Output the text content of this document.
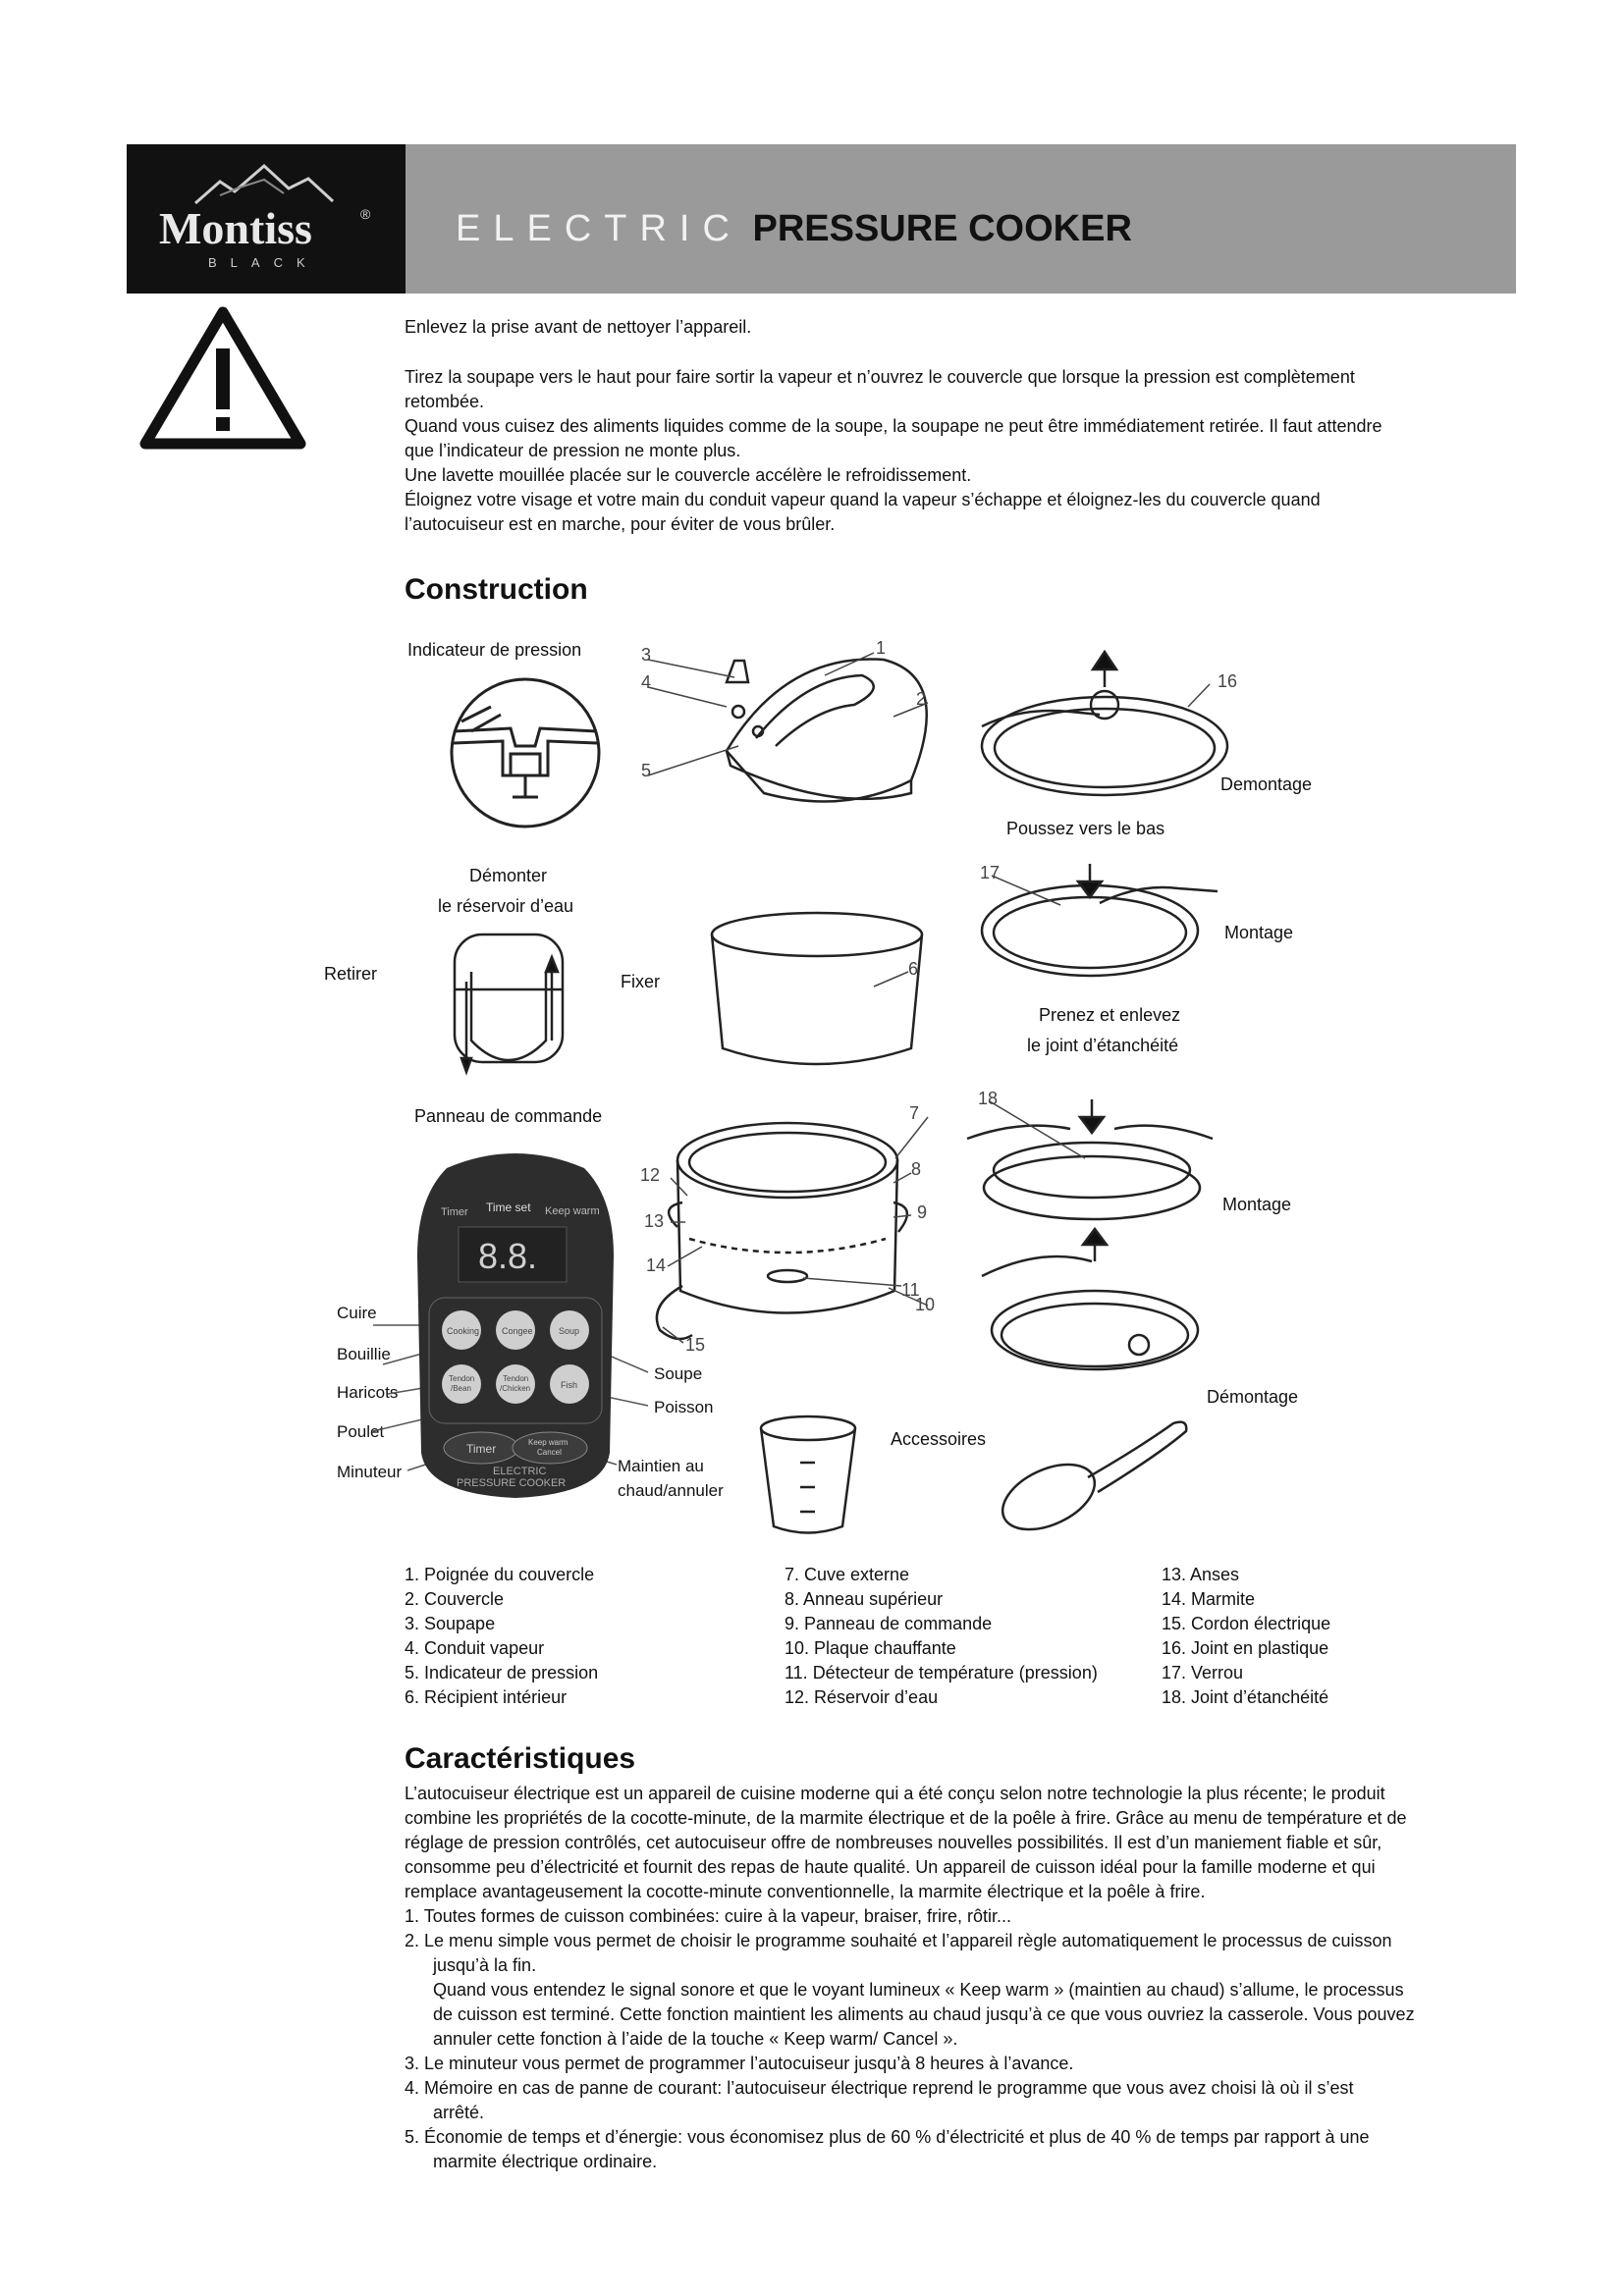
Montiss	®
BLACK
ELECTRIC PRESSURE COOKER
Enlevez la prise avant de nettoyer l’appareil.
Tirez la soupape vers le haut pour faire sortir la vapeur et n’ouvrez le couvercle que lorsque la pression est complètement
retombée.
Quand vous cuisez des aliments liquides comme de la soupe, la soupape ne peut être immédiatement retirée. Il faut attendre
que l’indicateur de pression ne monte plus.
Une lavette mouillée placée sur le couvercle accélère le refroidissement.
Éloignez votre visage et votre main du conduit vapeur quand la vapeur s’échappe et éloignez-les du couvercle quand
l’autocuiseur est en marche, pour éviter de vous brûler.
Construction
Indicateur de pression
Demontage
Poussez vers le bas
Démonter
le réservoir d’eau
Montage
Retirer	Fixer
Prenez et enlevez
le joint d’étanchéité
Panneau de commande
Montage
Cuire
Bouillie
Haricots
Poulet
Minuteur
Soupe
Poisson
Maintien au
chaud/annuler
Démontage
Accessoires
3
4
5
1
2
6
16
17
7
18
8
9
10
11
12
13
14
15
Timer Time set Keep warm
8.8.
Cooking	Congee	Soup
Tendon
/Bean
Tendon
/Chicken	Fish
Timer	Keep warm
Cancel
ELECTRIC
PRESSURE COOKER
1. Poignée du couvercle
2. Couvercle
3. Soupape
4. Conduit vapeur
5. Indicateur de pression
6. Récipient intérieur
7. Cuve externe
8. Anneau supérieur
9. Panneau de commande
10. Plaque chauffante
11. Détecteur de température (pression)
12. Réservoir d’eau
13. Anses
14. Marmite
15. Cordon électrique
16. Joint en plastique
17. Verrou
18. Joint d’étanchéité
Caractéristiques
L’autocuiseur électrique est un appareil de cuisine moderne qui a été conçu selon notre technologie la plus récente; le produit
combine les propriétés de la cocotte-minute, de la marmite électrique et de la poêle à frire. Grâce au menu de température et de
réglage de pression contrôlés, cet autocuiseur offre de nombreuses nouvelles possibilités. Il est d’un maniement fiable et sûr,
consomme peu d’électricité et fournit des repas de haute qualité. Un appareil de cuisson idéal pour la famille moderne et qui
remplace avantageusement la cocotte-minute conventionnelle, la marmite électrique et la poêle à frire.
1. Toutes formes de cuisson combinées: cuire à la vapeur, braiser, frire, rôtir...
2. Le menu simple vous permet de choisir le programme souhaité et l’appareil règle automatiquement le processus de cuisson
jusqu’à la fin.
Quand vous entendez le signal sonore et que le voyant lumineux « Keep warm » (maintien au chaud) s’allume, le processus
de cuisson est terminé. Cette fonction maintient les aliments au chaud jusqu’à ce que vous ouvriez la casserole. Vous pouvez
annuler cette fonction à l’aide de la touche « Keep warm/ Cancel ».
3. Le minuteur vous permet de programmer l’autocuiseur jusqu’à 8 heures à l’avance.
4. Mémoire en cas de panne de courant: l’autocuiseur électrique reprend le programme que vous avez choisi là où il s’est
arrêté.
5. Économie de temps et d’énergie: vous économisez plus de 60 % d’électricité et plus de 40 % de temps par rapport à une
marmite électrique ordinaire.
